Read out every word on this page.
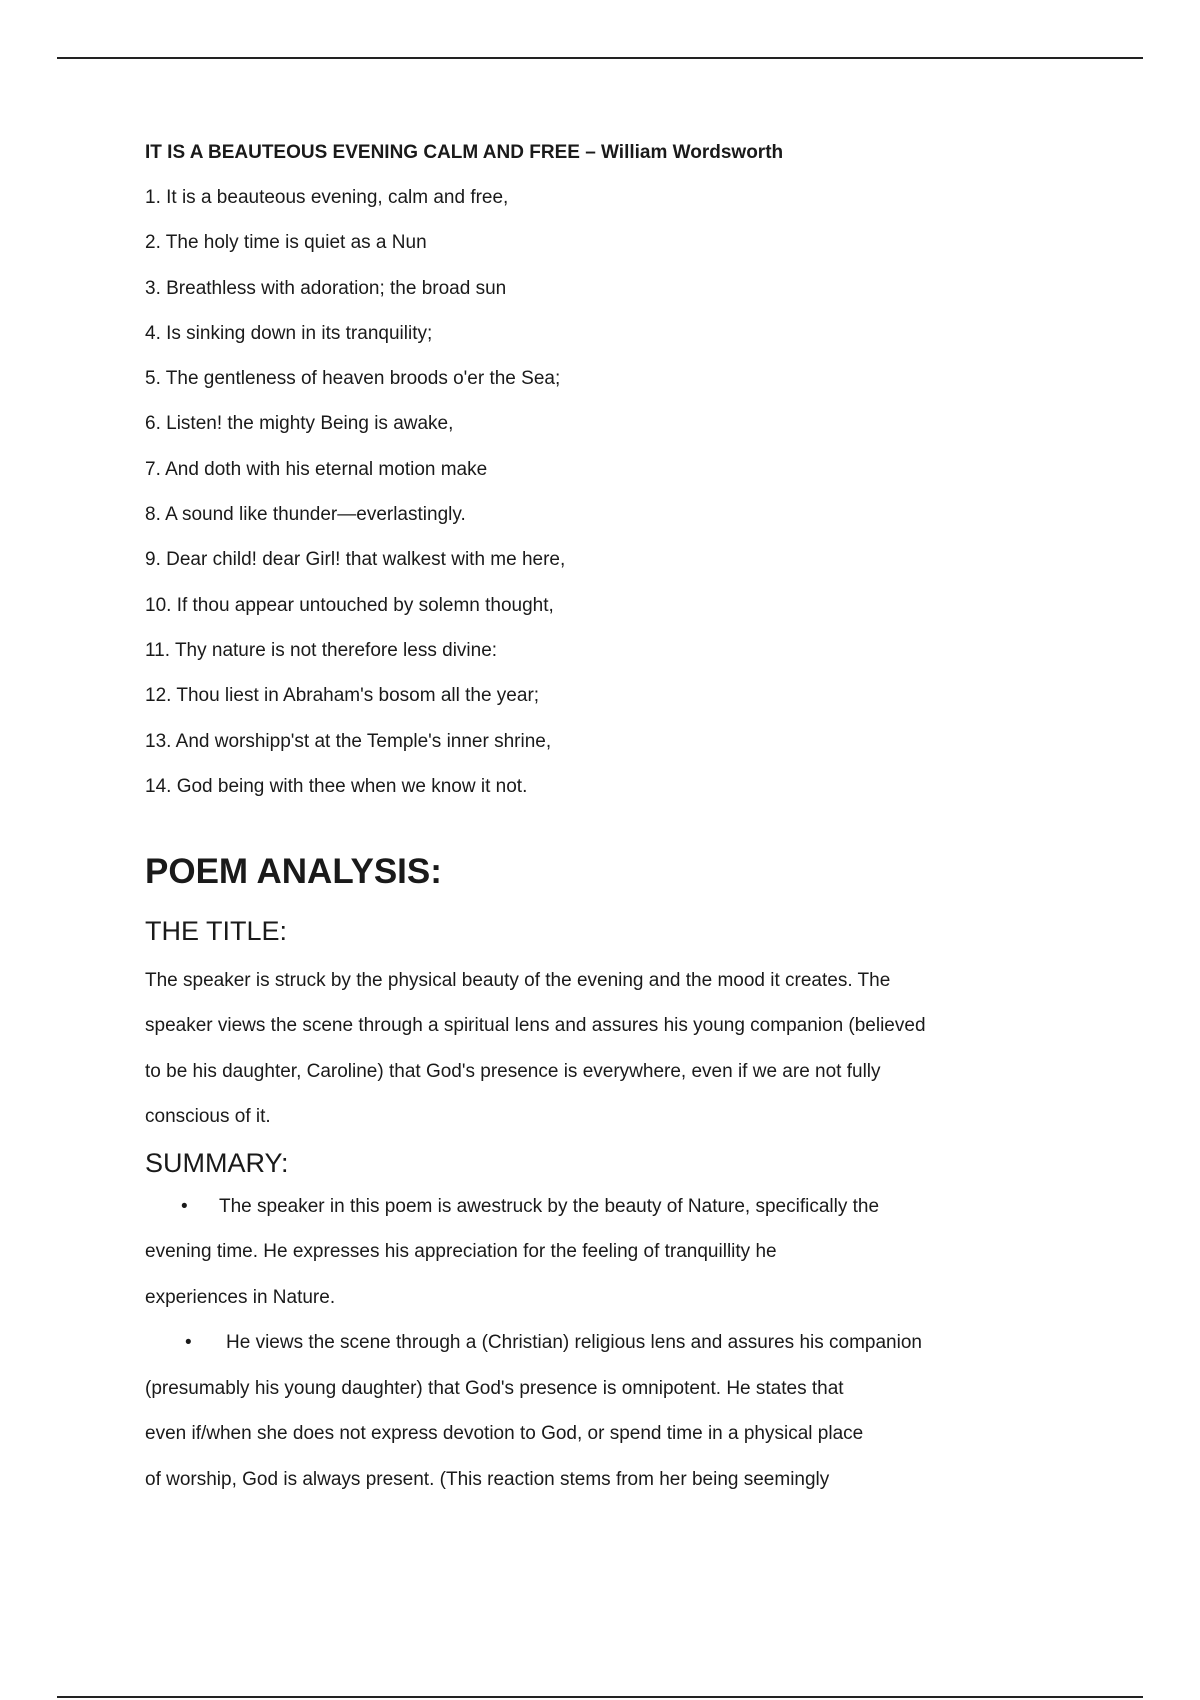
IT IS A BEAUTEOUS EVENING CALM AND FREE – William Wordsworth
1. It is a beauteous evening, calm and free,
2. The holy time is quiet as a Nun
3. Breathless with adoration; the broad sun
4. Is sinking down in its tranquility;
5. The gentleness of heaven broods o'er the Sea;
6. Listen! the mighty Being is awake,
7. And doth with his eternal motion make
8. A sound like thunder—everlastingly.
9. Dear child! dear Girl! that walkest with me here,
10. If thou appear untouched by solemn thought,
11. Thy nature is not therefore less divine:
12. Thou liest in Abraham's bosom all the year;
13. And worshipp'st at the Temple's inner shrine,
14. God being with thee when we know it not.
POEM ANALYSIS:
THE TITLE:

The speaker is struck by the physical beauty of the evening and the mood it creates. The

speaker views the scene through a spiritual lens and assures his young companion (believed

to be his daughter, Caroline) that God's presence is everywhere, even if we are not fully

conscious of it.

SUMMARY:

• The speaker in this poem is awestruck by the beauty of Nature, specifically the

evening time. He expresses his appreciation for the feeling of tranquillity he

experiences in Nature.

• He views the scene through a (Christian) religious lens and assures his companion

(presumably his young daughter) that God's presence is omnipotent. He states that

even if/when she does not express devotion to God, or spend time in a physical place

of worship, God is always present. (This reaction stems from her being seemingly
